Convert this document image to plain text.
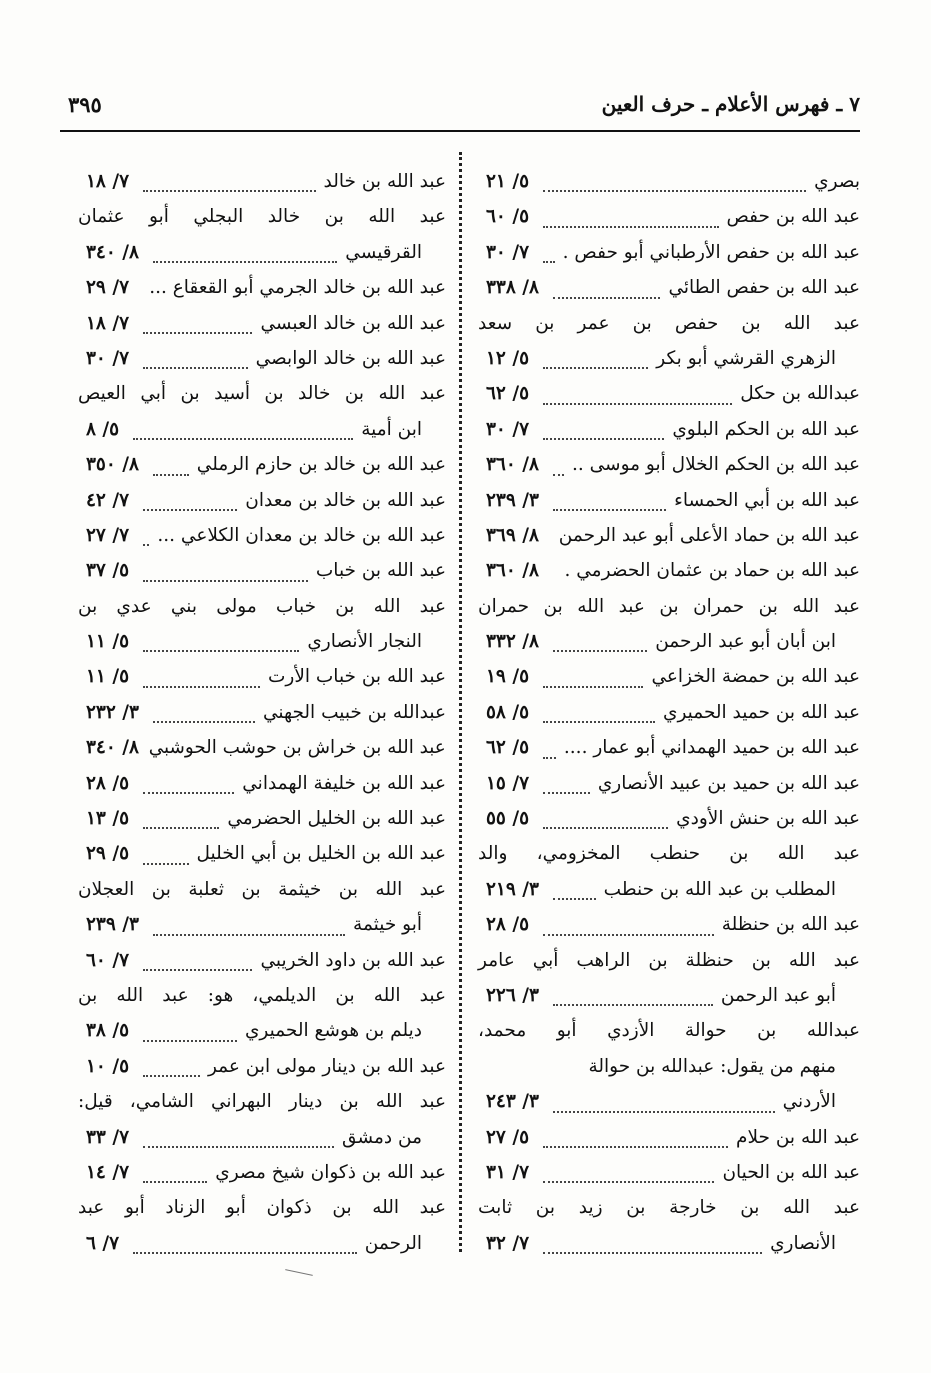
٧ ـ فهرس الأعلام ـ حرف العين
٣٩٥
بصري
٥/ ٢١
عبد الله بن حفص
٥/ ٦٠
عبد الله بن حفص الأرطباني أبو حفص .
٧/ ٣٠
عبد الله بن حفص الطائي
٨/ ٣٣٨
عبد الله بن حفص بن عمر بن سعد
الزهري القرشي أبو بكر
٥/ ١٢
عبدالله بن حكل
٥/ ٦٢
عبد الله بن الحكم البلوي
٧/ ٣٠
عبد الله بن الحكم الخلال أبو موسى ..
٨/ ٣٦٠
عبد الله بن أبي الحمساء
٣/ ٢٣٩
عبد الله بن حماد الأعلى أبو عبد الرحمن
٨/ ٣٦٩
عبد الله بن حماد بن عثمان الحضرمي .
٨/ ٣٦٠
عبد الله بن حمران بن عبد الله بن حمران
ابن أبان أبو عبد الرحمن
٨/ ٣٣٢
عبد الله بن حمضة الخزاعي
٥/ ١٩
عبد الله بن حميد الحميري
٥/ ٥٨
عبد الله بن حميد الهمداني أبو عمار ....
٥/ ٦٢
عبد الله بن حميد بن عبيد الأنصاري
٧/ ١٥
عبد الله بن حنش الأودي
٥/ ٥٥
عبد الله بن حنطب المخزومي، والد
المطلب بن عبد الله بن حنطب
٣/ ٢١٩
عبد الله بن حنظلة
٥/ ٢٨
عبد الله بن حنظلة بن الراهب أبي عامر
أبو عبد الرحمن
٣/ ٢٢٦
عبدالله بن حوالة الأزدي أبو محمد،
منهم من يقول: عبدالله بن حوالة
الأردني
٣/ ٢٤٣
عبد الله بن حلام
٥/ ٢٧
عبد الله بن الحيان
٧/ ٣١
عبد الله بن خارجة بن زيد بن ثابت
الأنصاري
٧/ ٣٢
عبد الله بن خالد
٧/ ١٨
عبد الله بن خالد البجلي أبو عثمان
القرقيسي
٨/ ٣٤٠
عبد الله بن خالد الجرمي أبو القعقاع ...
٧/ ٢٩
عبد الله بن خالد العبسي
٧/ ١٨
عبد الله بن خالد الوابصي
٧/ ٣٠
عبد الله بن خالد بن أسيد بن أبي العيص
ابن أمية
٥/ ٨
عبد الله بن خالد بن حازم الرملي
٨/ ٣٥٠
عبد الله بن خالد بن معدان
٧/ ٤٢
عبد الله بن خالد بن معدان الكلاعي ...
٧/ ٢٧
عبد الله بن خباب
٥/ ٣٧
عبد الله بن خباب مولى بني عدي بن
النجار الأنصاري
٥/ ١١
عبد الله بن خباب الأرت
٥/ ١١
عبدالله بن خبيب الجهني
٣/ ٢٣٢
عبد الله بن خراش بن حوشب الحوشبي
٨/ ٣٤٠
عبد الله بن خليفة الهمداني
٥/ ٢٨
عبد الله بن الخليل الحضرمي
٥/ ١٣
عبد الله بن الخليل بن أبي الخليل
٥/ ٢٩
عبد الله بن خيثمة بن ثعلبة بن العجلان
أبو خيثمة
٣/ ٢٣٩
عبد الله بن داود الخريبي
٧/ ٦٠
عبد الله بن الديلمي، هو: عبد الله بن
ديلم بن هوشع الحميري
٥/ ٣٨
عبد الله بن دينار مولى ابن عمر
٥/ ١٠
عبد الله بن دينار البهراني الشامي، قيل:
من دمشق
٧/ ٣٣
عبد الله بن ذكوان شيخ مصري
٧/ ١٤
عبد الله بن ذكوان أبو الزناد أبو عبد
الرحمن
٧/ ٦
